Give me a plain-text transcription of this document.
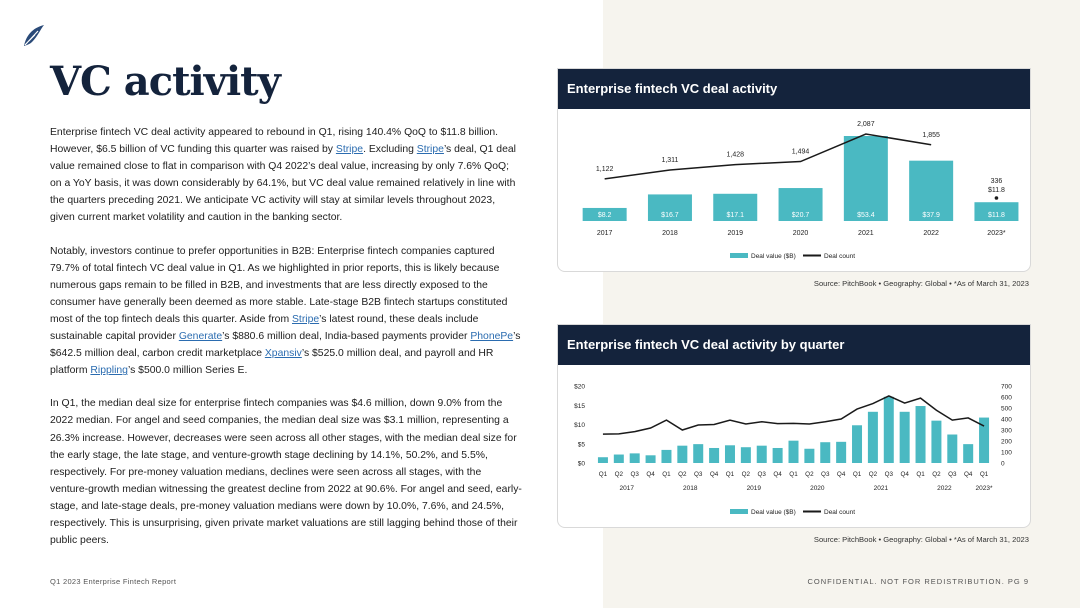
VC activity

Enterprise fintech VC deal activity appeared to rebound in Q1, rising 140.4% QoQ to $11.8 billion. However, $6.5 billion of VC funding this quarter was raised by Stripe. Excluding Stripe’s deal, Q1 deal value remained close to flat in comparison with Q4 2022’s deal value, increasing by only 7.6% QoQ; on a YoY basis, it was down considerably by 64.1%, but VC deal value remained relatively in line with the quarters preceding 2021. We anticipate VC activity will stay at similar levels throughout 2023, given current market volatility and caution in the banking sector.

Notably, investors continue to prefer opportunities in B2B: Enterprise fintech companies captured 79.7% of total fintech VC deal value in Q1. As we highlighted in prior reports, this is likely because numerous gaps remain to be filled in B2B, and investments that are less directly exposed to the consumer have generally been deemed as more stable. Late-stage B2B fintech startups constituted most of the top fintech deals this quarter. Aside from Stripe’s latest round, these deals include sustainable capital provider Generate’s $880.6 million deal, India-based payments provider PhonePe’s $642.5 million deal, carbon credit marketplace Xpansiv’s $525.0 million deal, and payroll and HR platform Rippling’s $500.0 million Series E.

In Q1, the median deal size for enterprise fintech companies was $4.6 million, down 9.0% from the 2022 median. For angel and seed companies, the median deal size was $3.1 million, representing a 26.3% increase. However, decreases were seen across all other stages, with the median deal size for the early stage, the late stage, and venture-growth stage declining by 14.1%, 50.2%, and 5.5%, respectively. For pre-money valuation medians, declines were seen across all stages, with the venture-growth median witnessing the greatest decline from 2022 at 90.6%. For angel and seed, early-stage, and late-stage deals, pre-money valuation medians were down by 10.0%, 7.6%, and 24.5%, respectively. This is unsurprising, given private market valuations are still lagging behind those of their public peers.

Enterprise fintech VC deal activity
$8.2
2017
$16.7
2018
$17.1
2019
$20.7
2020
$53.4
2021
$37.9
2022
$11.8
2023*
1,122
1,311
1,428	1,494
2,087
1,855
336
$11.8
Deal value ($B)	Deal count
Source: PitchBook • Geography: Global • *As of March 31, 2023
Enterprise fintech VC deal activity by quarter
$20
$15
$10
$5
$0
700
600
500
400
300
200
100
0
Q1 Q2 Q3 Q4 Q1 Q2 Q3 Q4 Q1 Q2 Q3 Q4 Q1 Q2 Q3 Q4 Q1 Q2 Q3 Q4 Q1 Q2 Q3 Q4 Q1
2017	2018	2019	2020	2021	2022	2023*
Deal value ($B)	Deal count
Source: PitchBook • Geography: Global • *As of March 31, 2023
Q1 2023 Enterprise Fintech Report	CONFIDENTIAL. NOT FOR REDISTRIBUTION. PG 9
